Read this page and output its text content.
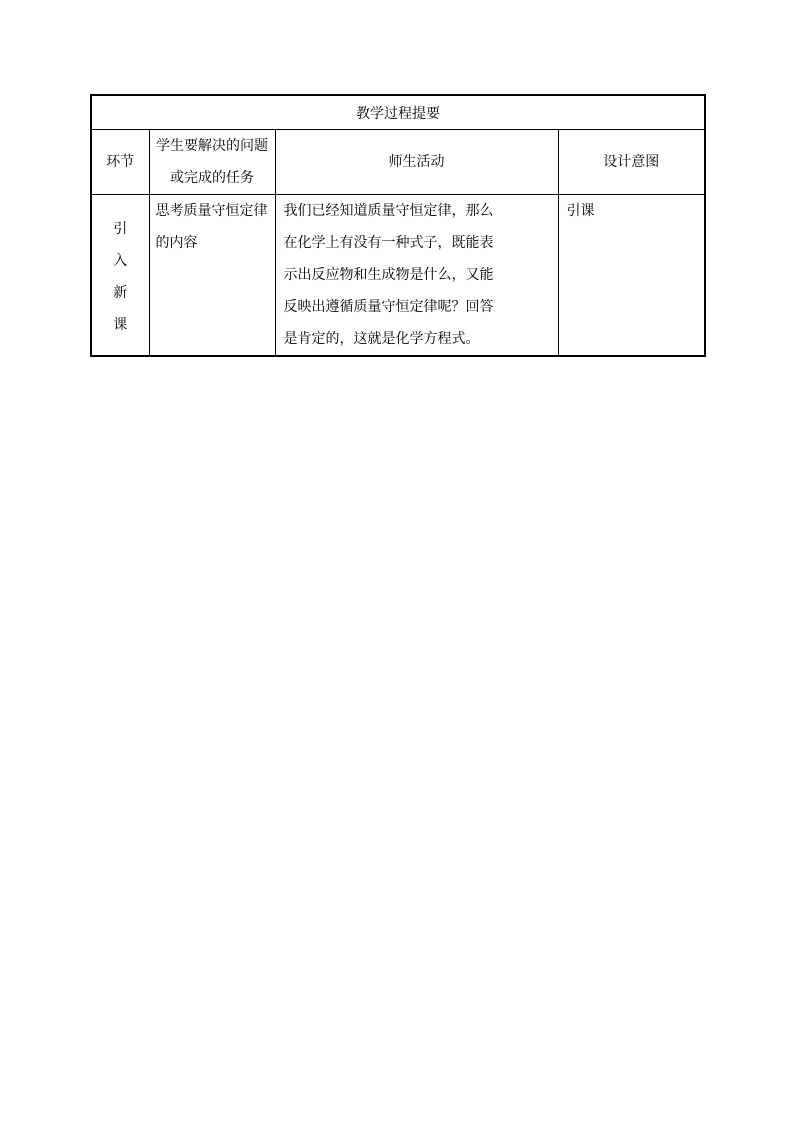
教学过程提要			
环节	学生要解决的问题或完成的任务	师生活动	设计意图

引
入
新
课	思考质量守恒定律的内容	我们已经知道质量守恒定律，那么在化学上有没有一种式子，既能表示出反应物和生成物是什么，又能反映出遵循质量守恒定律呢？回答是肯定的，这就是化学方程式。	引课
